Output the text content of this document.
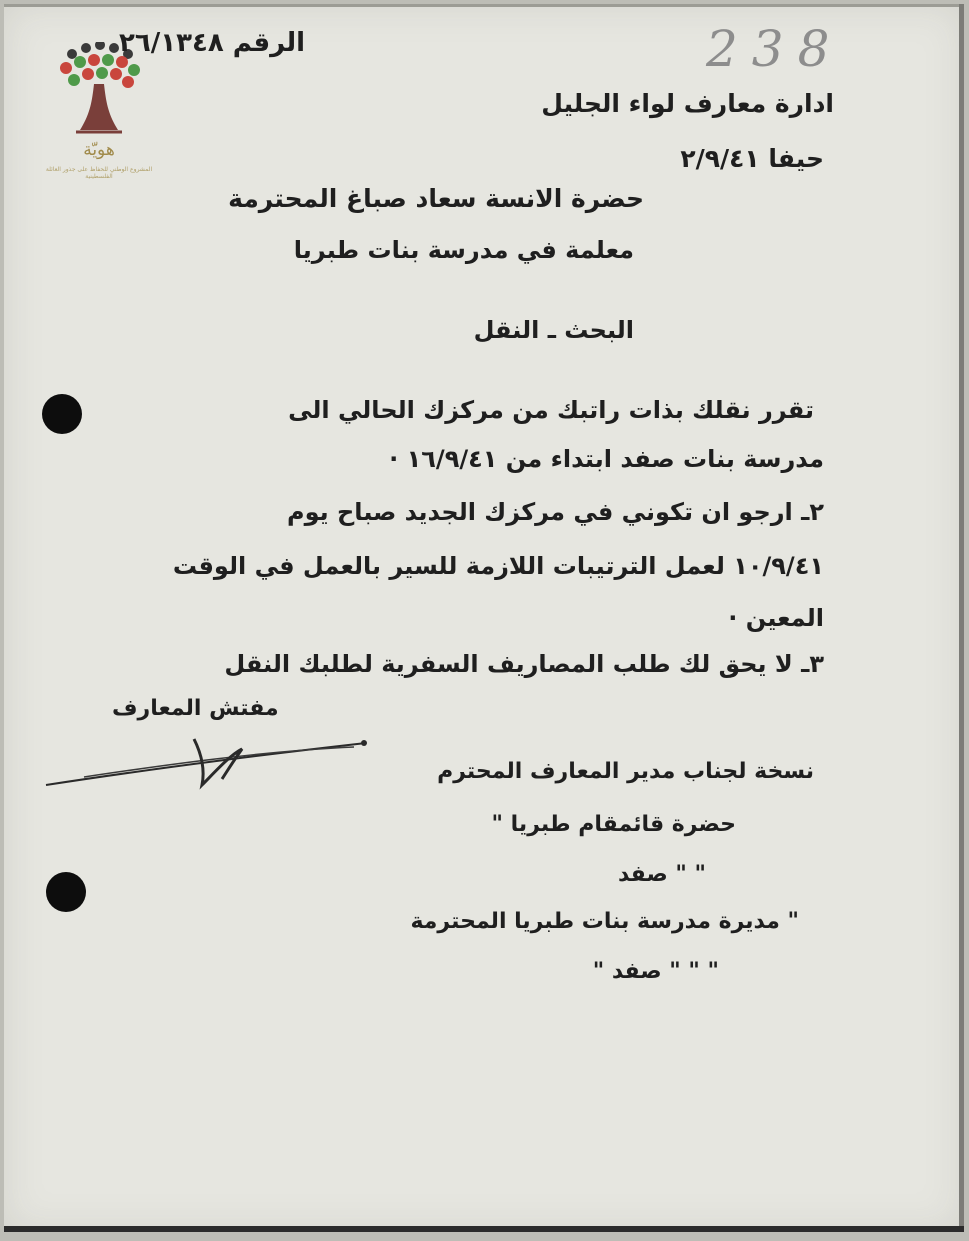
هويّة
المشروع الوطني للحفاظ على جذور العائلة الفلسطينية
الرقم ٢٦/١٣٤٨	238
ادارة معارف لواء الجليل
حيفا ٢/٩/٤١
حضرة الانسة سعاد صباغ المحترمة
معلمة في مدرسة بنات طبريا
البحث ـ النقل
تقرر نقلك بذات راتبك من مركزك الحالي الى
مدرسة بنات صفد ابتداء من ١٦/٩/٤١ ·
٢ـ ارجو ان تكوني في مركزك الجديد صباح يوم
١٠/٩/٤١ لعمل الترتيبات اللازمة للسير بالعمل في الوقت
المعين ·
٣ـ لا يحق لك طلب المصاريف السفرية لطلبك النقل
مفتش المعارف
نسخة لجناب مدير المعارف المحترم
حضرة قائمقام طبريا "
" " صفد
" مديرة مدرسة بنات طبريا المحترمة
" " " صفد "
